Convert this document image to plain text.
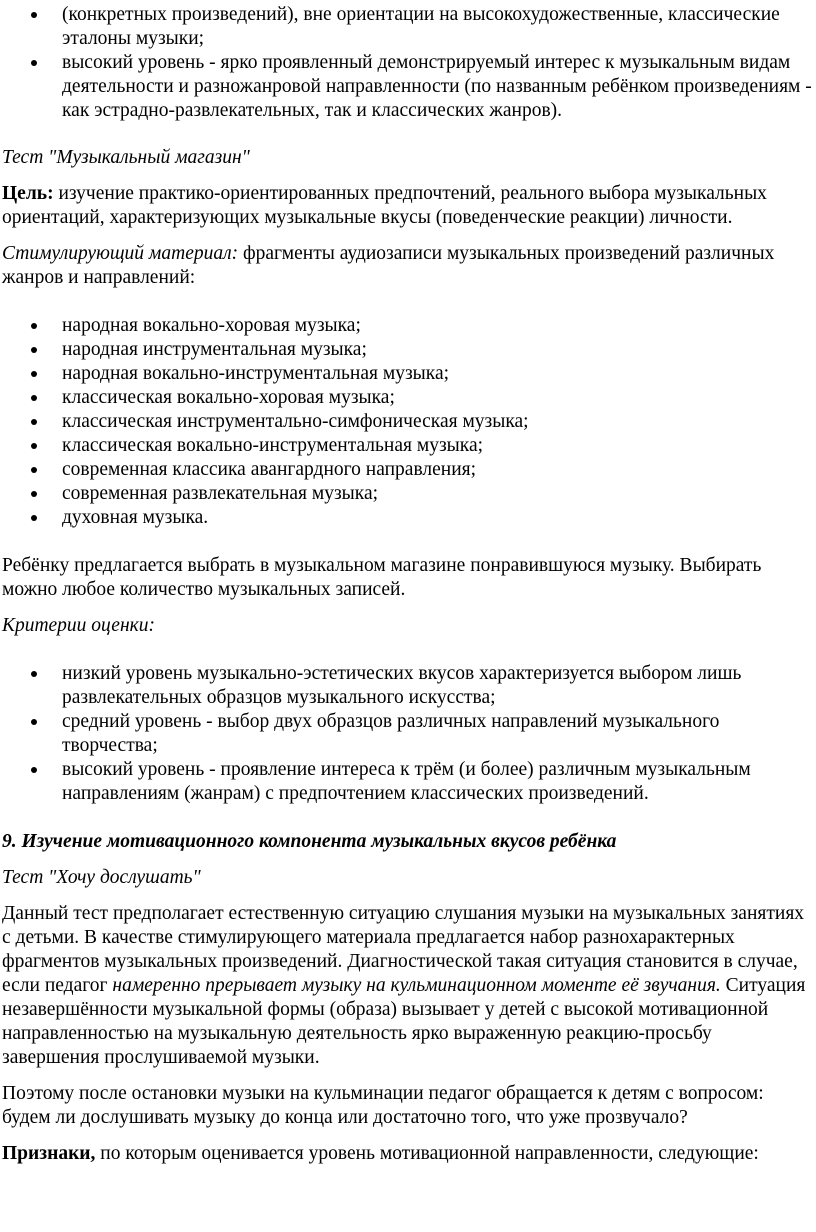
(конкретных произведений), вне ориентации на высокохудожественные, классические эталоны музыки;
высокий уровень - ярко проявленный демонстрируемый интерес к музыкальным видам деятельности и разножанровой направленности (по названным ребёнком произведениям - как эстрадно-развлекательных, так и классических жанров).

Тест "Музыкальный магазин"

Цель: изучение практико-ориентированных предпочтений, реального выбора музыкальных ориентаций, характеризующих музыкальные вкусы (поведенческие реакции) личности.

Стимулирующий материал: фрагменты аудиозаписи музыкальных произведений различных жанров и направлений:

народная вокально-хоровая музыка;
народная инструментальная музыка;
народная вокально-инструментальная музыка;
классическая вокально-хоровая музыка;
классическая инструментально-симфоническая музыка;
классическая вокально-инструментальная музыка;
современная классика авангардного направления;
современная развлекательная музыка;
духовная музыка.

Ребёнку предлагается выбрать в музыкальном магазине понравившуюся музыку. Выбирать можно любое количество музыкальных записей.

Критерии оценки:

низкий уровень музыкально-эстетических вкусов характеризуется выбором лишь развлекательных образцов музыкального искусства;
средний уровень - выбор двух образцов различных направлений музыкального творчества;
высокий уровень - проявление интереса к трём (и более) различным музыкальным направлениям (жанрам) с предпочтением классических произведений.

9. Изучение мотивационного компонента музыкальных вкусов ребёнка

Тест "Хочу дослушать"

Данный тест предполагает естественную ситуацию слушания музыки на музыкальных занятиях с детьми. В качестве стимулирующего материала предлагается набор разнохарактерных фрагментов музыкальных произведений. Диагностической такая ситуация становится в случае, если педагог намеренно прерывает музыку на кульминационном моменте её звучания. Ситуация незавершённости музыкальной формы (образа) вызывает у детей с высокой мотивационной направленностью на музыкальную деятельность ярко выраженную реакцию-просьбу завершения прослушиваемой музыки.

Поэтому после остановки музыки на кульминации педагог обращается к детям с вопросом: будем ли дослушивать музыку до конца или достаточно того, что уже прозвучало?

Признаки, по которым оценивается уровень мотивационной направленности, следующие:
